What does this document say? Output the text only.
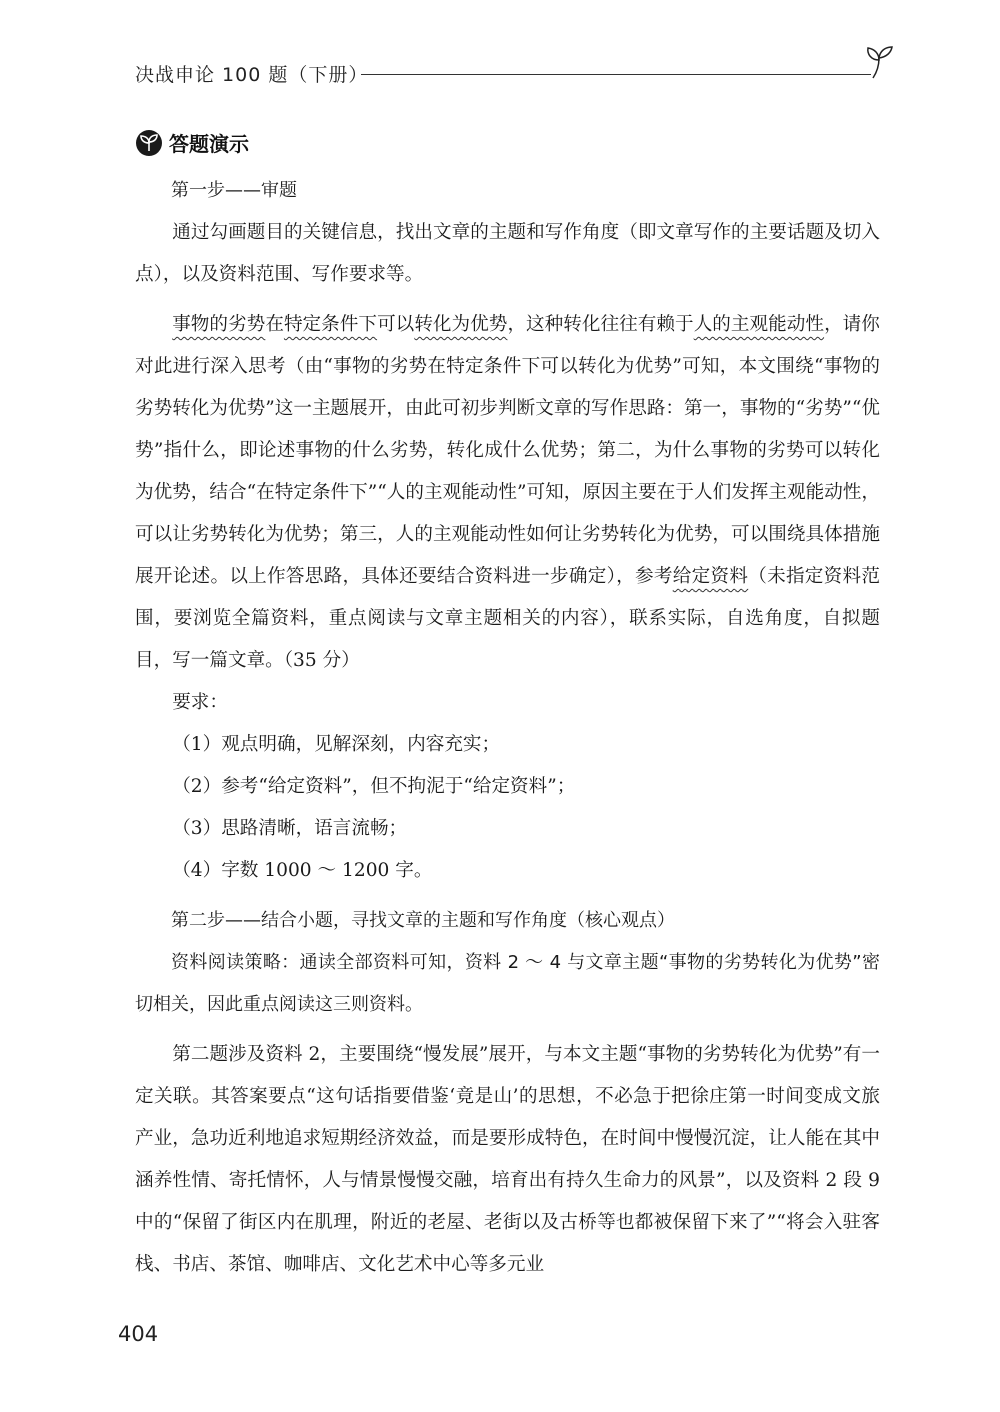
决战申论 100 题（下册）
答题演示

第一步——审题

通过勾画题目的关键信息，找出文章的主题和写作角度（即文章写作的主要话题及切入点），以及资料范围、写作要求等。

事物的劣势在特定条件下可以转化为优势，这种转化往往有赖于人的主观能动性，请你对此进行深入思考（由“事物的劣势在特定条件下可以转化为优势”可知，本文围绕“事物的劣势转化为优势”这一主题展开，由此可初步判断文章的写作思路：第一，事物的“劣势”“优势”指什么，即论述事物的什么劣势，转化成什么优势；第二，为什么事物的劣势可以转化为优势，结合“在特定条件下”“人的主观能动性”可知，原因主要在于人们发挥主观能动性，可以让劣势转化为优势；第三，人的主观能动性如何让劣势转化为优势，可以围绕具体措施展开论述。以上作答思路，具体还要结合资料进一步确定），参考给定资料（未指定资料范围，要浏览全篇资料，重点阅读与文章主题相关的内容），联系实际，自选角度，自拟题目，写一篇文章。（35 分）

要求：

（1）观点明确，见解深刻，内容充实；

（2）参考“给定资料”，但不拘泥于“给定资料”；

（3）思路清晰，语言流畅；

（4）字数 1000 ～ 1200 字。

第二步——结合小题，寻找文章的主题和写作角度（核心观点）

资料阅读策略：通读全部资料可知，资料 2 ～ 4 与文章主题“事物的劣势转化为优势”密切相关，因此重点阅读这三则资料。

第二题涉及资料 2，主要围绕“慢发展”展开，与本文主题“事物的劣势转化为优势”有一定关联。其答案要点“这句话指要借鉴‘竟是山’的思想，不必急于把徐庄第一时间变成文旅产业，急功近利地追求短期经济效益，而是要形成特色，在时间中慢慢沉淀，让人能在其中涵养性情、寄托情怀，人与情景慢慢交融，培育出有持久生命力的风景”，以及资料 2 段 9 中的“保留了街区内在肌理，附近的老屋、老街以及古桥等也都被保留下来了”“将会入驻客栈、书店、茶馆、咖啡店、文化艺术中心等多元业

404
